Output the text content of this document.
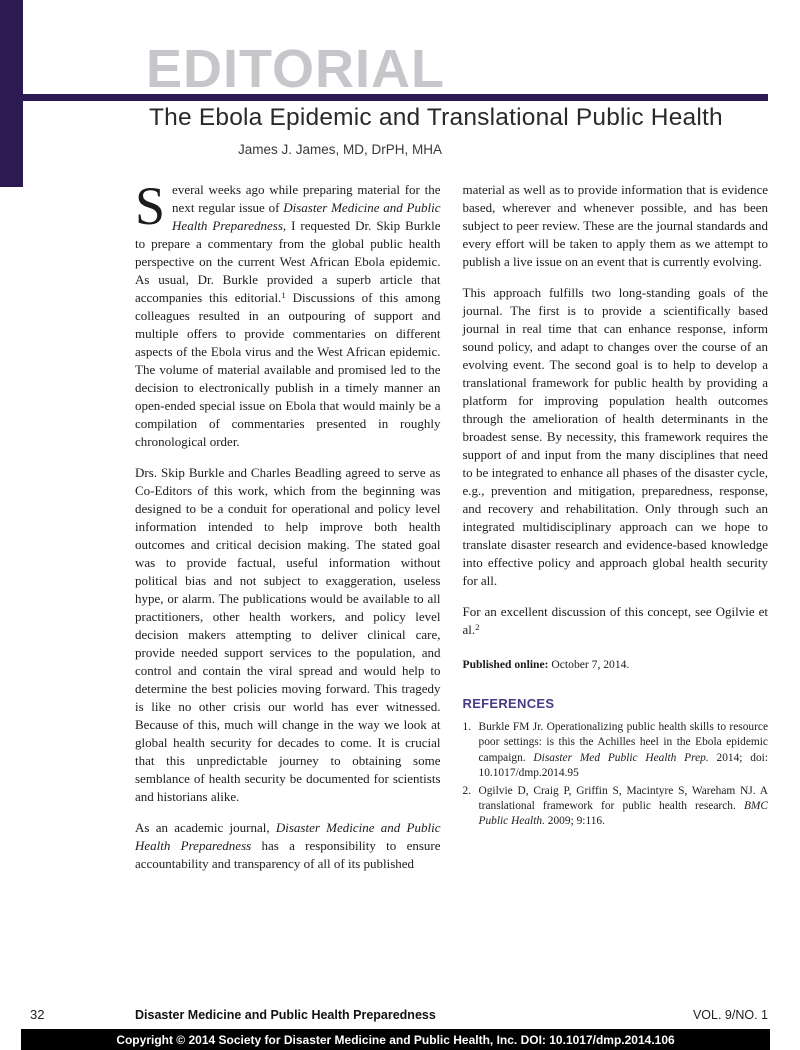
EDITORIAL
The Ebola Epidemic and Translational Public Health
James J. James, MD, DrPH, MHA

Several weeks ago while preparing material for the next regular issue of Disaster Medicine and Public Health Preparedness, I requested Dr. Skip Burkle to prepare a commentary from the global public health perspective on the current West African Ebola epidemic. As usual, Dr. Burkle provided a superb article that accompanies this editorial.$^1$ Discussions of this among colleagues resulted in an outpouring of support and multiple offers to provide commentaries on different aspects of the Ebola virus and the West African epidemic. The volume of material available and promised led to the decision to electronically publish in a timely manner an open-ended special issue on Ebola that would mainly be a compilation of commentaries presented in roughly chronological order.

Drs. Skip Burkle and Charles Beadling agreed to serve as Co-Editors of this work, which from the beginning was designed to be a conduit for operational and policy level information intended to help improve both health outcomes and critical decision making. The stated goal was to provide factual, useful information without political bias and not subject to exaggeration, useless hype, or alarm. The publications would be available to all practitioners, other health workers, and policy level decision makers attempting to deliver clinical care, provide needed support services to the population, and control and contain the viral spread and would help to determine the best policies moving forward. This tragedy is like no other crisis our world has ever witnessed. Because of this, much will change in the way we look at global health security for decades to come. It is crucial that this unpredictable journey to obtaining some semblance of health security be documented for scientists and historians alike.

As an academic journal, Disaster Medicine and Public Health Preparedness has a responsibility to ensure accountability and transparency of all of its published

material as well as to provide information that is evidence based, wherever and whenever possible, and has been subject to peer review. These are the journal standards and every effort will be taken to apply them as we attempt to publish a live issue on an event that is currently evolving.

This approach fulfills two long-standing goals of the journal. The first is to provide a scientifically based journal in real time that can enhance response, inform sound policy, and adapt to changes over the course of an evolving event. The second goal is to help to develop a translational framework for public health by providing a platform for improving population health outcomes through the amelioration of health determinants in the broadest sense. By necessity, this framework requires the support of and input from the many disciplines that need to be integrated to enhance all phases of the disaster cycle, e.g., prevention and mitigation, preparedness, response, and recovery and rehabilitation. Only through such an integrated multidisciplinary approach can we hope to translate disaster research and evidence-based knowledge into effective policy and approach global health security for all.

For an excellent discussion of this concept, see Ogilvie et al.$^2$

Published online: October 7, 2014.

REFERENCES
1. Burkle FM Jr. Operationalizing public health skills to resource poor settings: is this the Achilles heel in the Ebola epidemic campaign. Disaster Med Public Health Prep. 2014; doi: 10.1017/dmp.2014.95
2. Ogilvie D, Craig P, Griffin S, Macintyre S, Wareham NJ. A translational framework for public health research. BMC Public Health. 2009; 9:116.
32	Disaster Medicine and Public Health Preparedness	VOL. 9/NO. 1
Copyright © 2014 Society for Disaster Medicine and Public Health, Inc. DOI: 10.1017/dmp.2014.106
